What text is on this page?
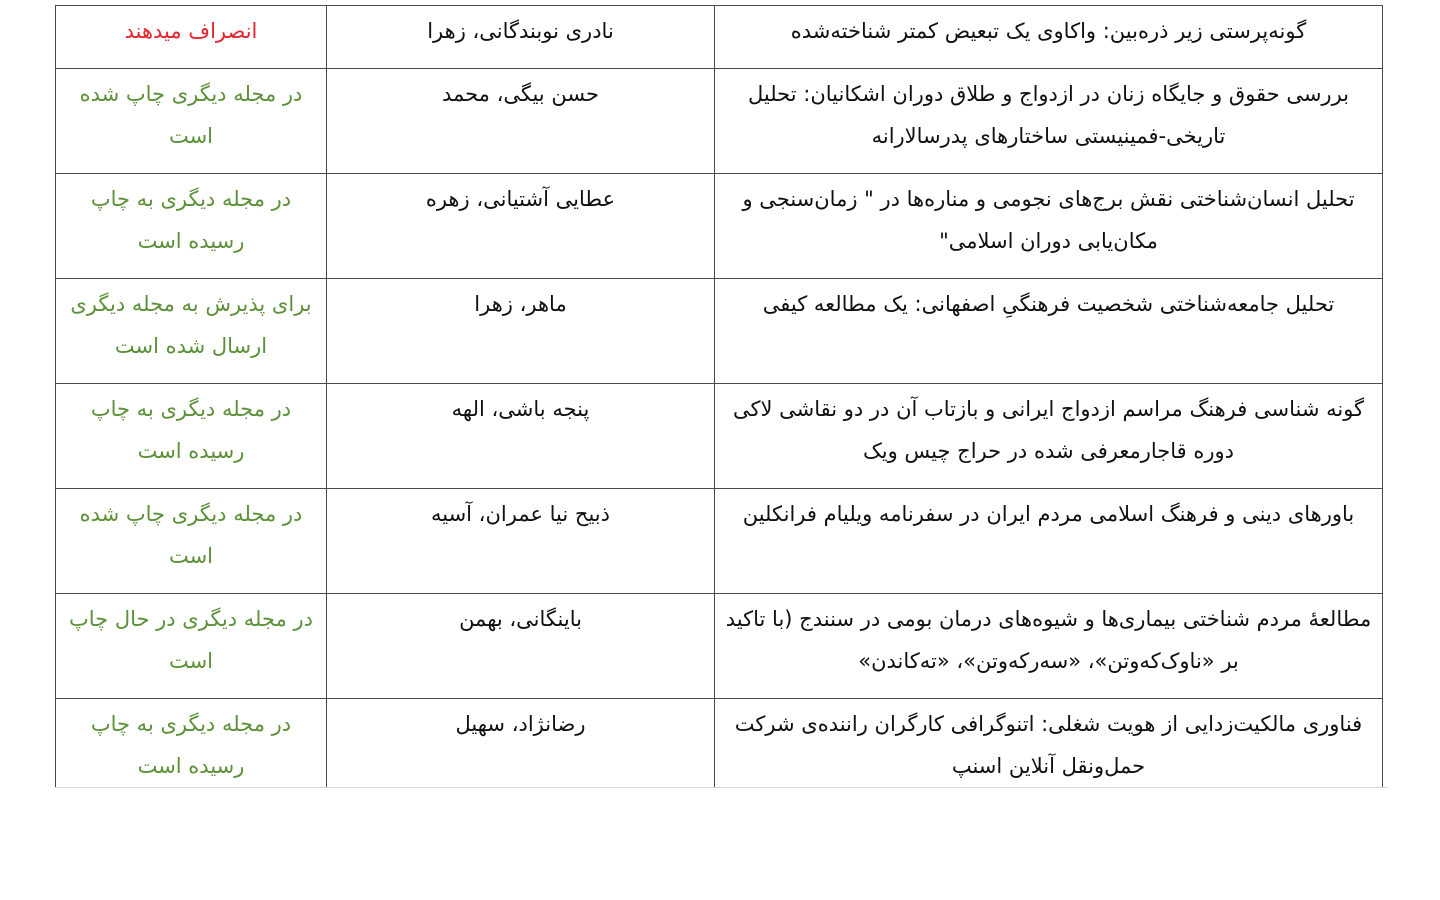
گونه‌پرستی زیر ذره‌بین: واکاوی یک تبعیض کمتر شناخته‌شده	نادری نوبندگانی، زهرا	انصراف میدهند
بررسی حقوق و جایگاه زنان در ازدواج و طلاق دوران اشکانیان: تحلیل تاریخی-فمینیستی ساختارهای پدرسالارانه	حسن بیگی، محمد	در مجله دیگری چاپ شده است
تحلیل انسان‌شناختی نقش برج‌های نجومی و مناره‌ها در " زمان‌سنجی و مکان‌یابی دوران اسلامی"	عطایی آشتیانی، زهره	در مجله دیگری به چاپ رسیده است
تحلیل جامعه‌شناختی شخصیت فرهنگیِ اصفهانی: یک مطالعه کیفی	ماهر، زهرا	برای پذیرش به مجله دیگری ارسال شده است
گونه شناسی فرهنگ مراسم ازدواج ایرانی و بازتاب آن در دو نقاشی لاکی دوره قاجارمعرفی شده در حراج چیس ویک	پنجه باشی، الهه	در مجله دیگری به چاپ رسیده است
باورهای دینی و فرهنگ اسلامی مردم ایران در سفرنامه ویلیام فرانکلین	ذبیح نیا عمران، آسیه	در مجله دیگری چاپ شده است
مطالعۀ مردم شناختی بیماری‌ها و شیوه‌های درمان بومی در سنندج (با تاکید بر «ناوک‌کەوتن»، «سەرکەوتن»، «تەکاندن»	باینگانی، بهمن	در مجله دیگری در حال چاپ است
فناوری مالکیت‌زدایی از هویت شغلی: اتنوگرافی کارگران راننده‌ی شرکت حمل‌ونقل آنلاین اسنپ	رضانژاد، سهیل	در مجله دیگری به چاپ رسیده است
